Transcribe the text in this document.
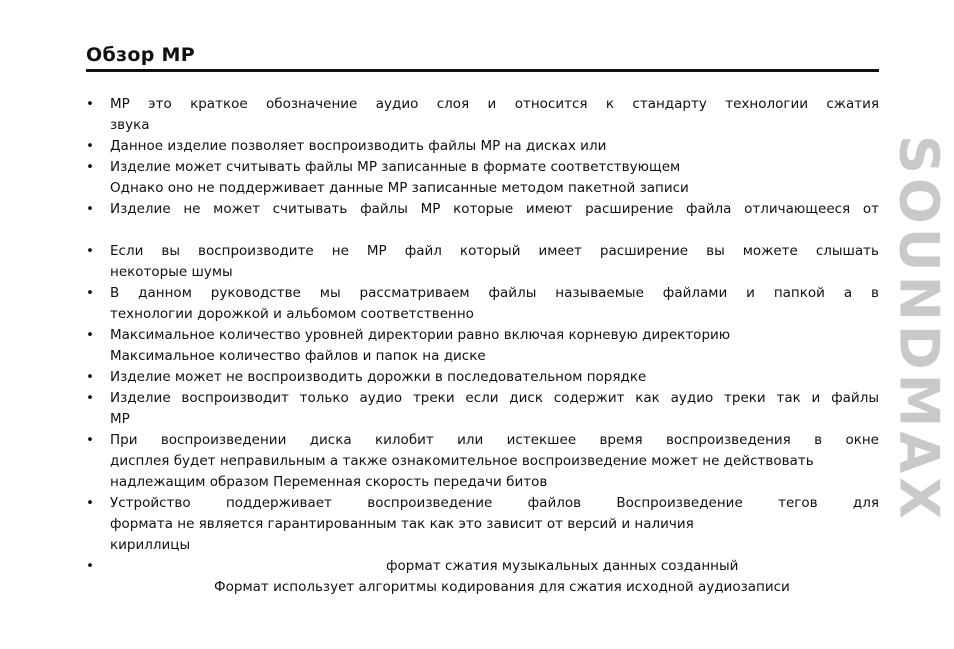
Обзор MP
•	MP это краткое обозначение аудио слоя и относится к стандарту технологии сжатия
звука
•	Данное изделие позволяет воспроизводить файлы MP на дисках или
•	Изделие может считывать файлы MP записанные в формате соответствующем
Однако оно не поддерживает данные MP записанные методом пакетной записи
•	Изделие не может считывать файлы MP которые имеют расширение файла отличающееся от
•	Если вы воспроизводите не MP файл который имеет расширение вы можете слышать
некоторые шумы
•	В данном руководстве мы рассматриваем файлы называемые файлами и папкой а в
технологии дорожкой и альбомом соответственно
•	Максимальное количество уровней директории равно включая корневую директорию
Максимальное количество файлов и папок на диске
•	Изделие может не воспроизводить дорожки в последовательном порядке
•	Изделие воспроизводит только аудио треки если диск содержит как аудио треки так и файлы
MP
•	При воспроизведении диска килобит или истекшее время воспроизведения в окне
дисплея будет неправильным а также ознакомительное воспроизведение может не действовать
надлежащим образом Переменная скорость передачи битов
•	Устройство поддерживает воспроизведение файлов Воспроизведение тегов для
формата не является гарантированным так как это зависит от версий и наличия
кириллицы
•	формат сжатия музыкальных данных созданный
Формат использует алгоритмы кодирования для сжатия исходной аудиозаписи
SOUNDMAX
